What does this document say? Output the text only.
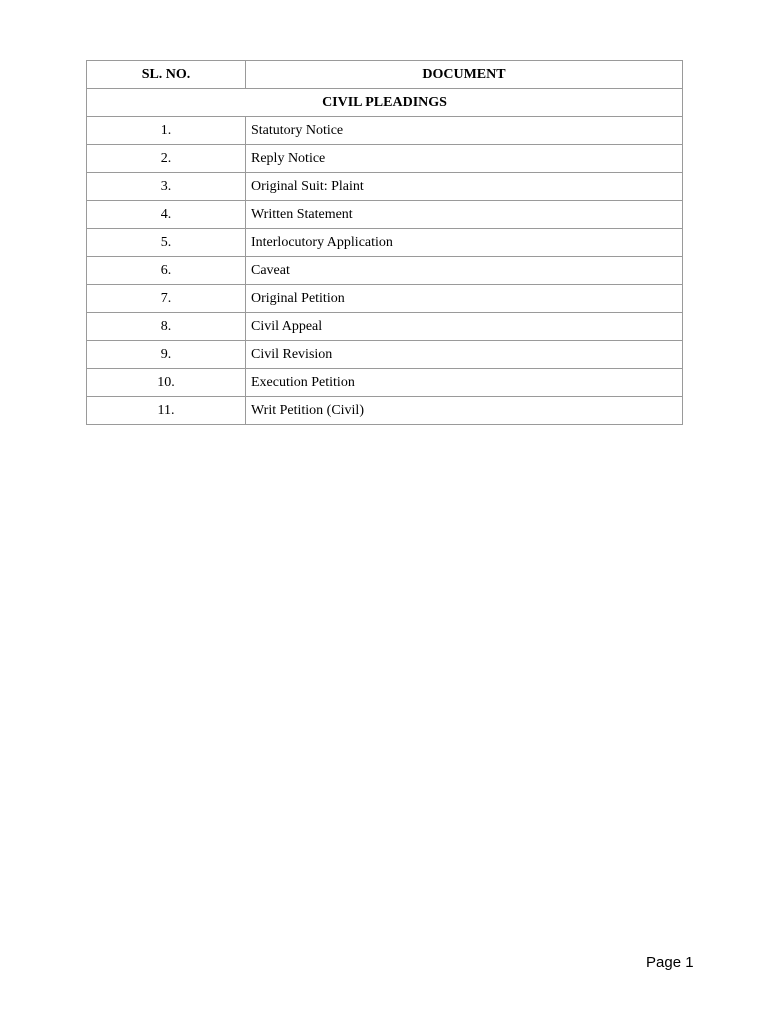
SL. NO.	DOCUMENT
CIVIL PLEADINGS	
1.	Statutory Notice
2.	Reply Notice
3.	Original Suit: Plaint
4.	Written Statement
5.	Interlocutory Application
6.	Caveat
7.	Original Petition
8.	Civil Appeal
9.	Civil Revision
10.	Execution Petition
11.	Writ Petition (Civil)
Page 1
